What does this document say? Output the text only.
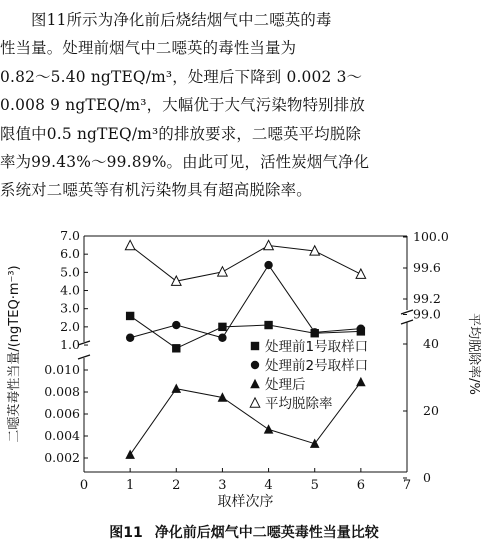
图11所示为净化前后烧结烟气中二噁英的毒

性当量。处理前烟气中二噁英的毒性当量为

0.82～5.40 ngTEQ/m³，处理后下降到 0.002 3～

0.008 9 ngTEQ/m³，大幅优于大气污染物特别排放

限值中0.5 ngTEQ/m³的排放要求，二噁英平均脱除

率为99.43%～99.89%。由此可见，活性炭烟气净化

系统对二噁英等有机污染物具有超高脱除率。

0	1	2	3	4	5	6	7
取样次序
7.0
6.0
5.0
4.0
3.0
2.0
1.0
0.010
0.008
0.006
0.004
0.002
100.0
99.6
99.2
99.0
40
20
0
二噁英毒性当量/(ngTEQ·m⁻³)	平均脱除率/%
处理前1号取样口
处理前2号取样口
处理后
平均脱除率
图11 净化前后烟气中二噁英毒性当量比较
